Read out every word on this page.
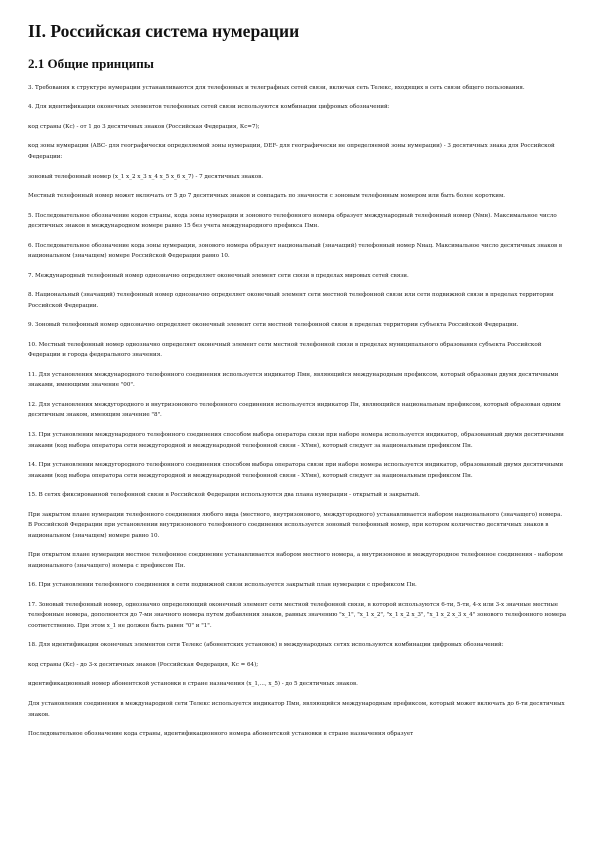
II. Российская система нумерации
2.1 Общие принципы

3. Требования к структуре нумерации устанавливаются для телефонных и телеграфных сетей связи, включая сеть Телекс, входящих в сеть связи общего пользования.

4. Для идентификации оконечных элементов телефонных сетей связи используются комбинации цифровых обозначений:

код страны (Кс) - от 1 до 3 десятичных знаков (Российская Федерация, Кс=7);

код зоны нумерации (ABC- для географически определяемой зоны нумерации, DEF- для географически не определяемой зоны нумерации) - 3 десятичных знака для Российской Федерации:

зоновый телефонный номер (x_1 x_2 x_3 x_4 x_5 x_6 x_7) - 7 десятичных знаков.

Местный телефонный номер может включать от 5 до 7 десятичных знаков и совпадать по значности с зоновым телефонным номером или быть более коротким.

5. Последовательное обозначение кодов страны, кода зоны нумерации и зонового телефонного номера образует международный телефонный номер (Nмн). Максимальное число десятичных знаков в международном номере равно 15 без учета международного префикса Пмн.

6. Последовательное обозначение кода зоны нумерации, зонового номера образует национальный (значащий) телефонный номер Nнац. Максимальное число десятичных знаков в национальном (значащем) номере Российской Федерации равно 10.

7. Международный телефонный номер однозначно определяет оконечный элемент сети связи в пределах мировых сетей связи.

8. Национальный (значащий) телефонный номер однозначно определяет оконечный элемент сети местной телефонной связи или сети подвижной связи в пределах территории Российской Федерации.

9. Зоновый телефонный номер однозначно определяет оконечный элемент сети местной телефонной связи в пределах территории субъекта Российской Федерации.

10. Местный телефонный номер однозначно определяет оконечный элемент сети местной телефонной связи в пределах муниципального образования субъекта Российской Федерации и города федерального значения.

11. Для установления международного телефонного соединения используется индикатор Пмн, являющийся международным префиксом, который образован двумя десятичными знаками, имеющими значение "00".

12. Для установления междугородного и внутризонового телефонного соединения используется индикатор Пн, являющийся национальным префиксом, который образован одним десятичным знаком, имеющим значение "8".

13. При установлении международного телефонного соединения способом выбора оператора связи при наборе номера используется индикатор, образованный двумя десятичными знаками (код выбора оператора сети междугородной и международной телефонной связи - XYмн), который следует за национальным префиксом Пн.

14. При установлении междугородного телефонного соединения способом выбора оператора связи при наборе номера используется индикатор, образованный двумя десятичными знаками (код выбора оператора сети междугородной и международной телефонной связи - XYмн), который следует за национальным префиксом Пн.

15. В сетях фиксированной телефонной связи в Российской Федерации используются два плана нумерации - открытый и закрытый.

При закрытом плане нумерации телефонного соединения любого вида (местного, внутризонового, междугородного) устанавливается набором национального (значащего) номера. В Российской Федерации при установлении внутризонового телефонного соединения используется зоновый телефонный номер, при котором количество десятичных знаков в национальном (значащем) номере равно 10.

При открытом плане нумерации местное телефонное соединение устанавливается набором местного номера, а внутризоновое и междугородное телефонное соединения - набором национального (значащего) номера с префиксом Пн.

16. При установлении телефонного соединения в сети подвижной связи используется закрытый план нумерации с префиксом Пн.

17. Зоновый телефонный номер, однозначно определяющий оконечный элемент сети местной телефонной связи, в которой используются 6-ти, 5-ти, 4-х или 3-х значные местные телефонные номера, дополняется до 7-ми значного номера путем добавления знаков, равных значению "x_1", "x_1 x_2", "x_1 x_2 x_3", "x_1 x_2 x_3 x_4" зонового телефонного номера соответственно. При этом x_1 не должен быть равен "0" и "1".

18. Для идентификации оконечных элементов сети Телекс (абонентских установок) в международных сетях используются комбинации цифровых обозначений:

код страны (Кс) - до 3-х десятичных знаков (Российская Федерация, Кс = 64);

идентификационный номер абонентской установки в стране назначения (x_1,..., x_5) - до 5 десятичных знаков.

Для установления соединения в международной сети Телекс используется индикатор Пмн, являющийся международным префиксом, который может включать до 6-ти десятичных знаков.

Последовательное обозначение кода страны, идентификационного номера абонентской установки в стране назначения образует
